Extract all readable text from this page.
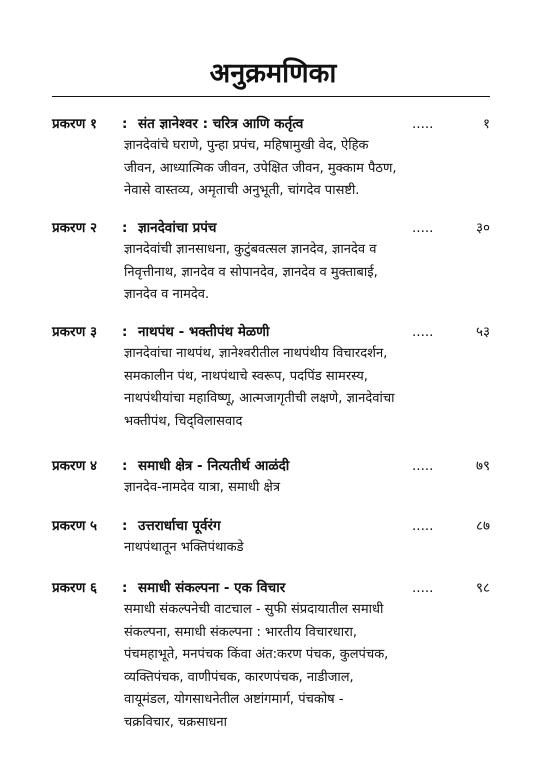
अनुक्रमणिका
प्रकरण १	: संत ज्ञानेश्वर : चरित्र आणि कर्तृत्व	.....	१
ज्ञानदेवांचे घराणे, पुन्हा प्रपंच, महिषामुखी वेद, ऐहिक
जीवन, आध्यात्मिक जीवन, उपेक्षित जीवन, मुक्काम पैठण,
नेवासे वास्तव्य, अमृताची अनुभूती, चांगदेव पासष्टी.
प्रकरण २	: ज्ञानदेवांचा प्रपंच	.....	३०
ज्ञानदेवांची ज्ञानसाधना, कुटुंबवत्सल ज्ञानदेव, ज्ञानदेव व
निवृत्तीनाथ, ज्ञानदेव व सोपानदेव, ज्ञानदेव व मुक्ताबाई,
ज्ञानदेव व नामदेव.
प्रकरण ३	: नाथपंथ - भक्तीपंथ मेळणी	.....	५३
ज्ञानदेवांचा नाथपंथ, ज्ञानेश्वरीतील नाथपंथीय विचारदर्शन,
समकालीन पंथ, नाथपंथाचे स्वरूप, पदपिंड सामरस्य,
नाथपंथीयांचा महाविष्णू, आत्मजागृतीची लक्षणे, ज्ञानदेवांचा
भक्तीपंथ, चिद्‌विलासवाद
प्रकरण ४	: समाधी क्षेत्र - नित्यतीर्थ आळंदी	.....	७९
ज्ञानदेव-नामदेव यात्रा, समाधी क्षेत्र
प्रकरण ५	: उत्तरार्धाचा पूर्वरंग	.....	८७
नाथपंथातून भक्तिपंथाकडे
प्रकरण ६	: समाधी संकल्पना - एक विचार	.....	९८
समाधी संकल्पनेची वाटचाल - सुफी संप्रदायातील समाधी
संकल्पना, समाधी संकल्पना : भारतीय विचारधारा,
पंचमहाभूते, मनपंचक किंवा अंत:करण पंचक, कुलपंचक,
व्यक्तिपंचक, वाणीपंचक, कारणपंचक, नाडीजाल,
वायूमंडल, योगसाधनेतील अष्टांगमार्ग, पंचकोष -
चक्रविचार, चक्रसाधना
